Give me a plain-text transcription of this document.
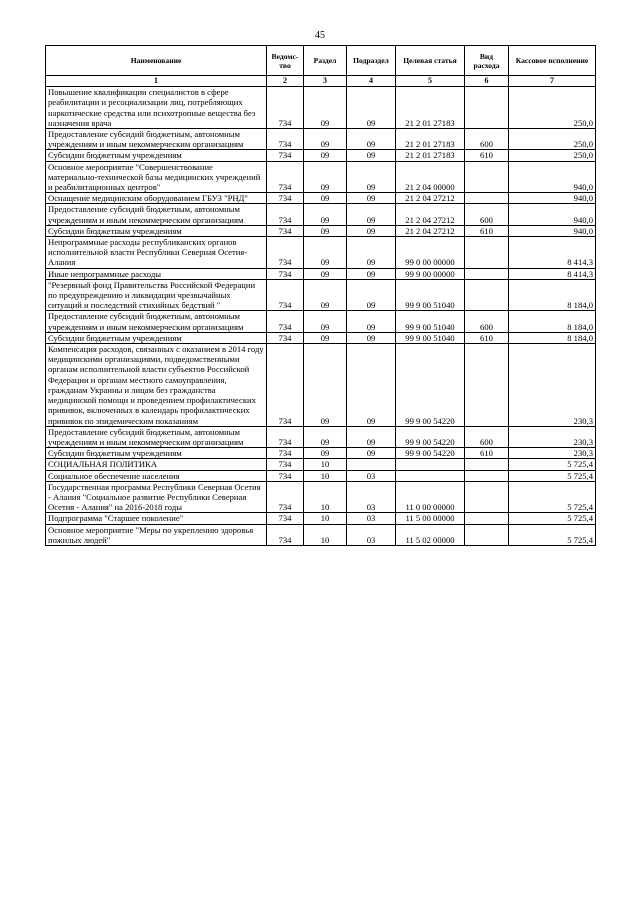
45
Наименование	Ведомс-тво	Раздел	Подраздел	Целевая статья	Вид расхода	Кассовое исполнение
1	2	3	4	5	6	7
Повышение квалификации специалистов в сфере реабилитации и ресоциализации лиц, потребляющих наркотические средства или психотропные вещества без назначения врача	734	09	09	21 2 01 27183		250,0
Предоставление субсидий бюджетным, автономным учреждениям и иным некоммерческим организациям	734	09	09	21 2 01 27183	600	250,0
Субсидии бюджетным учреждениям	734	09	09	21 2 01 27183	610	250,0
Основное мероприятие "Совершенствование материально-технической базы медицинских учреждений и реабилитационных центров"	734	09	09	21 2 04 00000		940,0
Оснащение медицинским оборудованием ГБУЗ "РНД"	734	09	09	21 2 04 27212		940,0
Предоставление субсидий бюджетным, автономным учреждениям и иным некоммерческим организациям	734	09	09	21 2 04 27212	600	940,0
Субсидии бюджетным учреждениям	734	09	09	21 2 04 27212	610	940,0
Непрограммные расходы республиканских органов исполнительной власти Республики Северная Осетия-Алания	734	09	09	99 0 00 00000		8 414,3
Иные непрограммные расходы	734	09	09	99 9 00 00000		8 414,3
"Резервный фонд Правительства Российской Федерации по предупреждению и ликвидации чрезвычайных ситуаций и последствий стихийных бедствий "	734	09	09	99 9 00 51040		8 184,0
Предоставление субсидий бюджетным, автономным учреждениям и иным некоммерческим организациям	734	09	09	99 9 00 51040	600	8 184,0
Субсидии бюджетным учреждениям	734	09	09	99 9 00 51040	610	8 184,0
Компенсация расходов, связанных с оказанием в 2014 году медицинскими организациями, подведомственными органам исполнительной власти субъектов Российской Федерации и органам местного самоуправления, гражданам Украины и лицам без гражданства медицинской помощи и проведением профилактических прививок, включенных в календарь профилактических прививок по эпидемическим показаниям	734	09	09	99 9 00 54220		230,3
Предоставление субсидий бюджетным, автономным учреждениям и иным некоммерческим организациям	734	09	09	99 9 00 54220	600	230,3
Субсидии бюджетным учреждениям	734	09	09	99 9 00 54220	610	230,3
СОЦИАЛЬНАЯ ПОЛИТИКА	734	10				5 725,4
Социальное обеспечение населения	734	10	03			5 725,4
Государственная программа Республики Северная Осетия - Алания "Социальное развитие Республики Северная Осетия - Алания" на 2016-2018 годы	734	10	03	11 0 00 00000		5 725,4
Подпрограмма "Старшее поколение"	734	10	03	11 5 00 00000		5 725,4
Основное мероприятие "Меры по укреплению здоровья пожилых людей"	734	10	03	11 5 02 00000		5 725,4
